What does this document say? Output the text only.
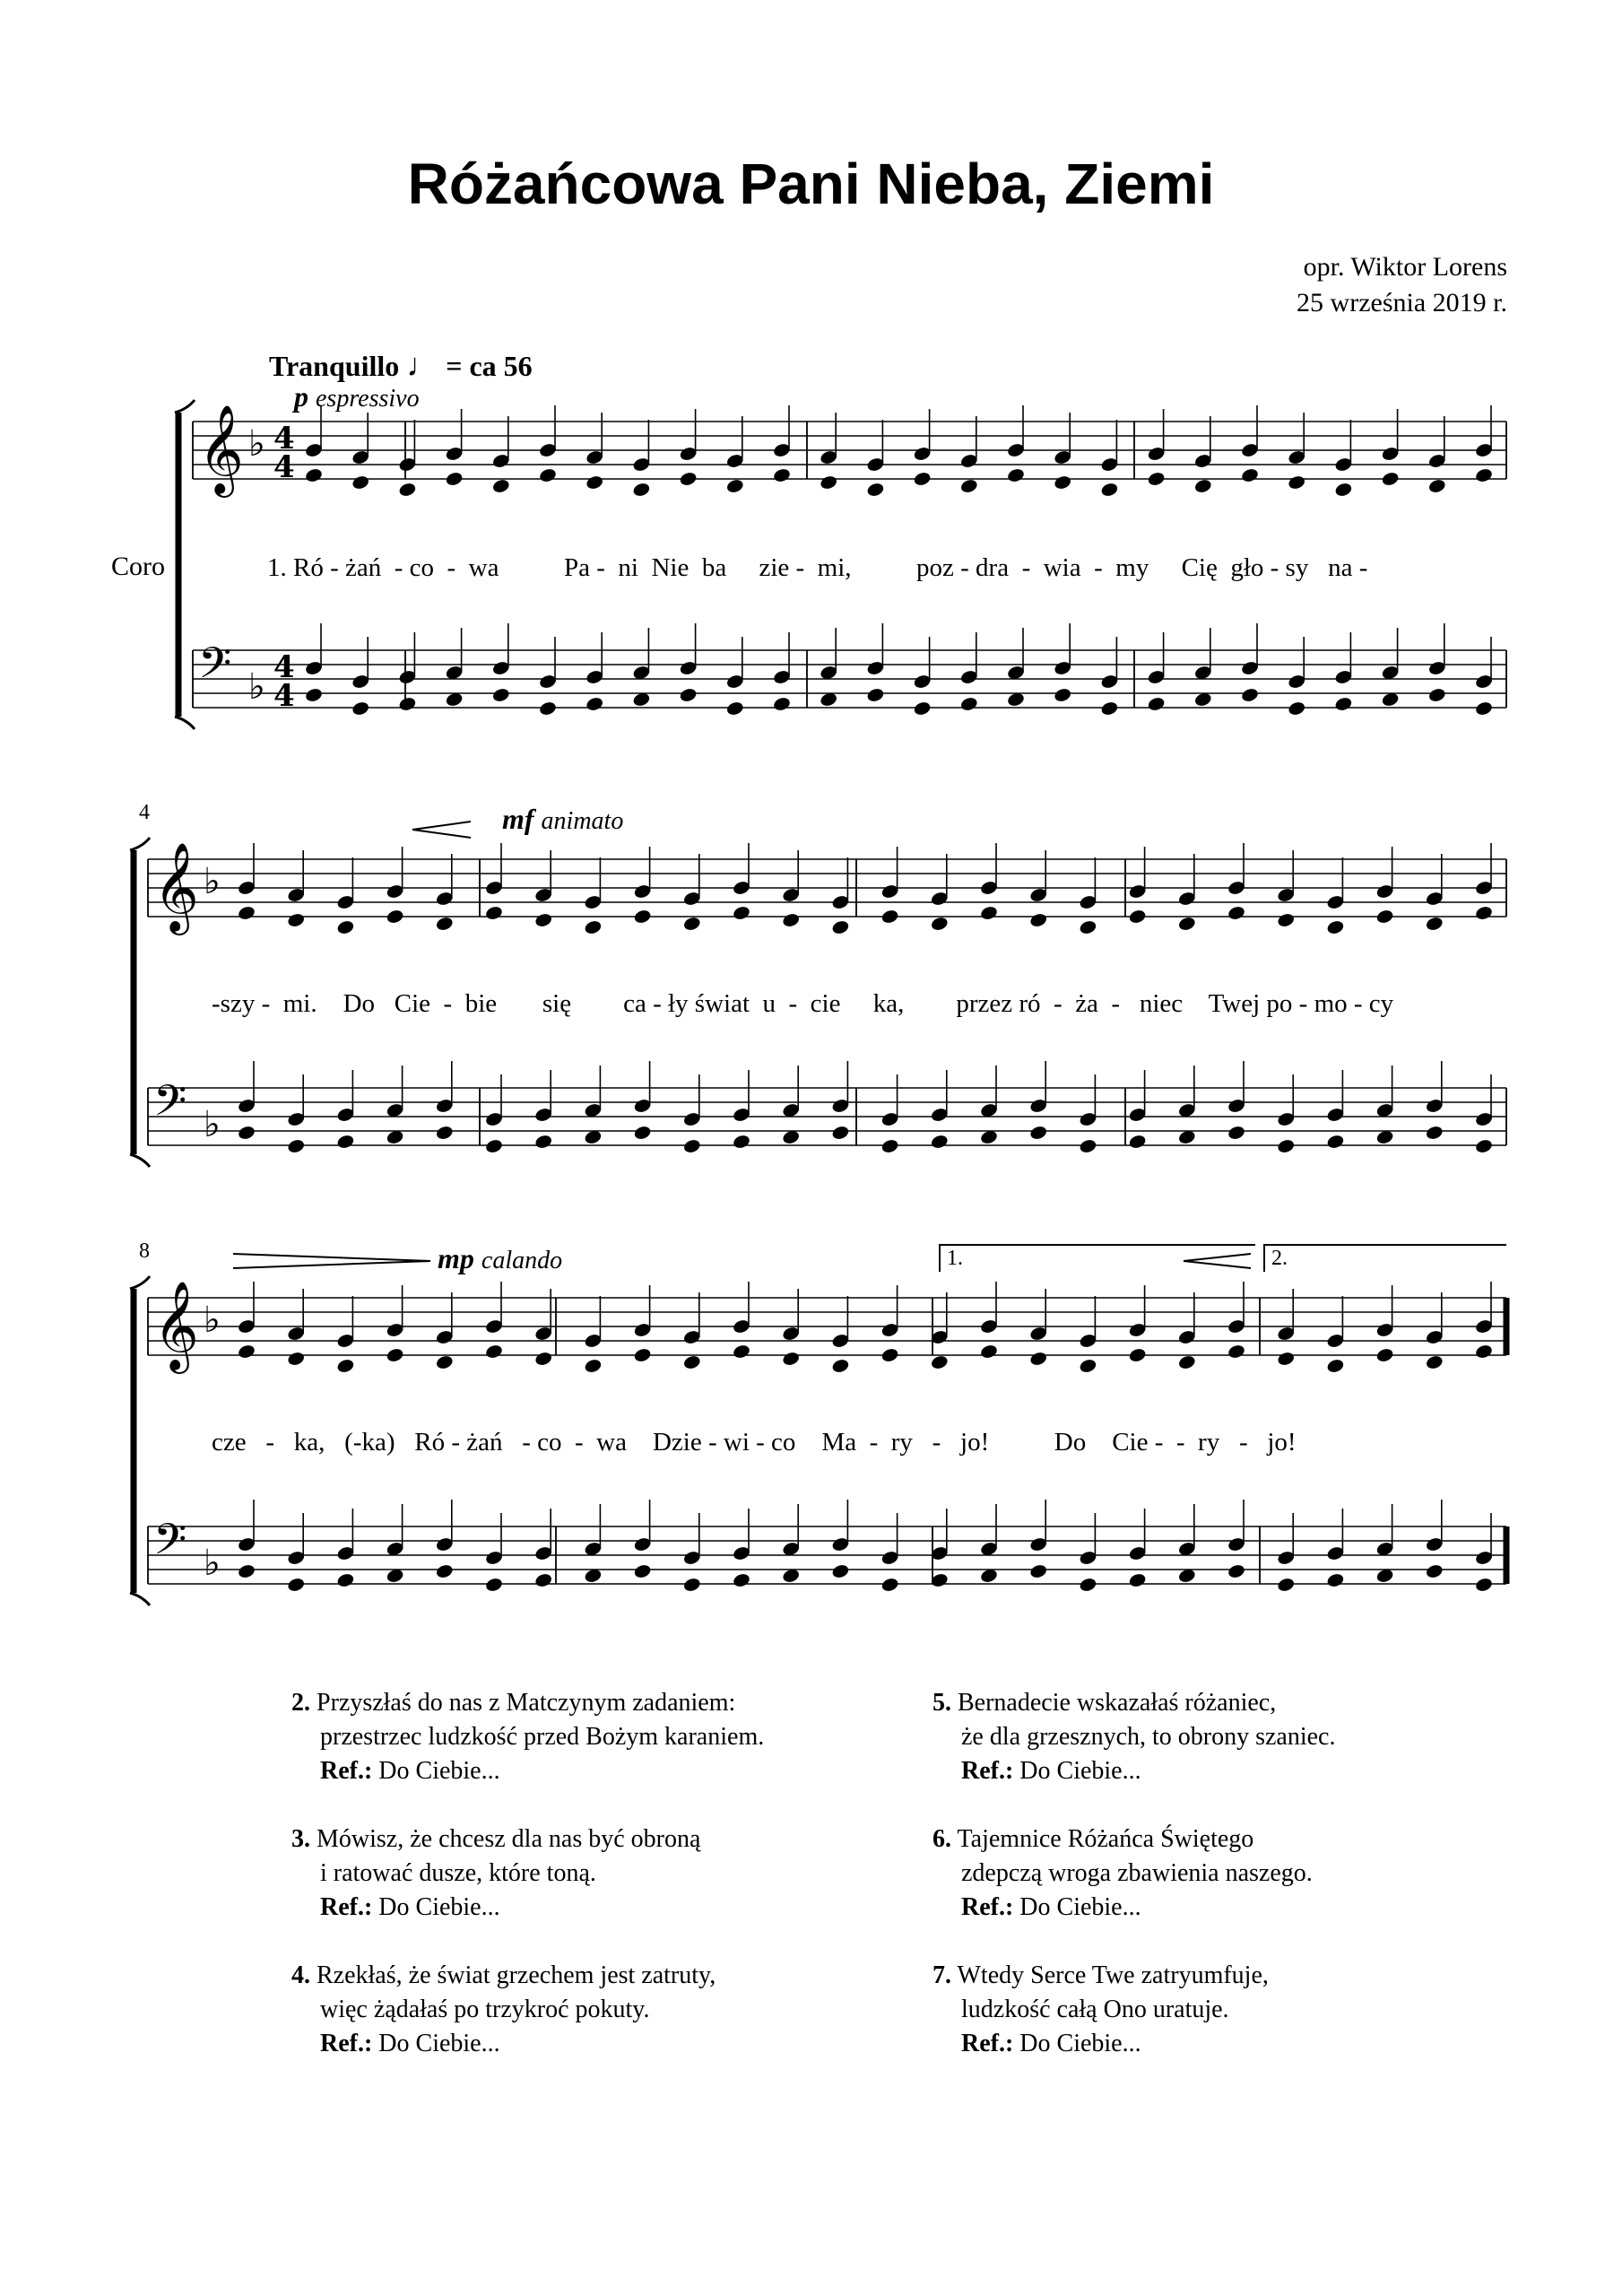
Różańcowa Pani Nieba, Ziemi
opr. Wiktor Lorens
25 września 2019 r.
Tranquillo ♩ = ca 56
p espressivo
mf animato
mp calando
Coro
4
8	1.	2.
1. Ró - żań  - co  -  wa          Pa -  ni  Nie  ba     zie -  mi,          poz - dra  -  wia  -  my     Cię  gło - sy   na -
-szy -  mi.    Do   Cie  -  bie       się        ca - ły świat  u  -  cie     ka,        przez ró  -  ża  -   niec    Twej po - mo - cy
cze   -   ka,   (-ka)   Ró - żań   - co  -  wa    Dzie - wi - co    Ma  -  ry   -   jo!          Do    Cie -  -  ry   -   jo!
𝄞 ♭
𝄢 ♭
4
4
4
4
𝄞 ♭
𝄢 ♭
𝄞 ♭
𝄢 ♭
2. Przyszłaś do nas z Matczynym zadaniem:
przestrzec ludzkość przed Bożym karaniem.
Ref.: Do Ciebie...
3. Mówisz, że chcesz dla nas być obroną
i ratować dusze, które toną.
Ref.: Do Ciebie...
4. Rzekłaś, że świat grzechem jest zatruty,
więc żądałaś po trzykroć pokuty.
Ref.: Do Ciebie...
5. Bernadecie wskazałaś różaniec,
że dla grzesznych, to obrony szaniec.
Ref.: Do Ciebie...
6. Tajemnice Różańca Świętego
zdepczą wroga zbawienia naszego.
Ref.: Do Ciebie...
7. Wtedy Serce Twe zatryumfuje,
ludzkość całą Ono uratuje.
Ref.: Do Ciebie...
